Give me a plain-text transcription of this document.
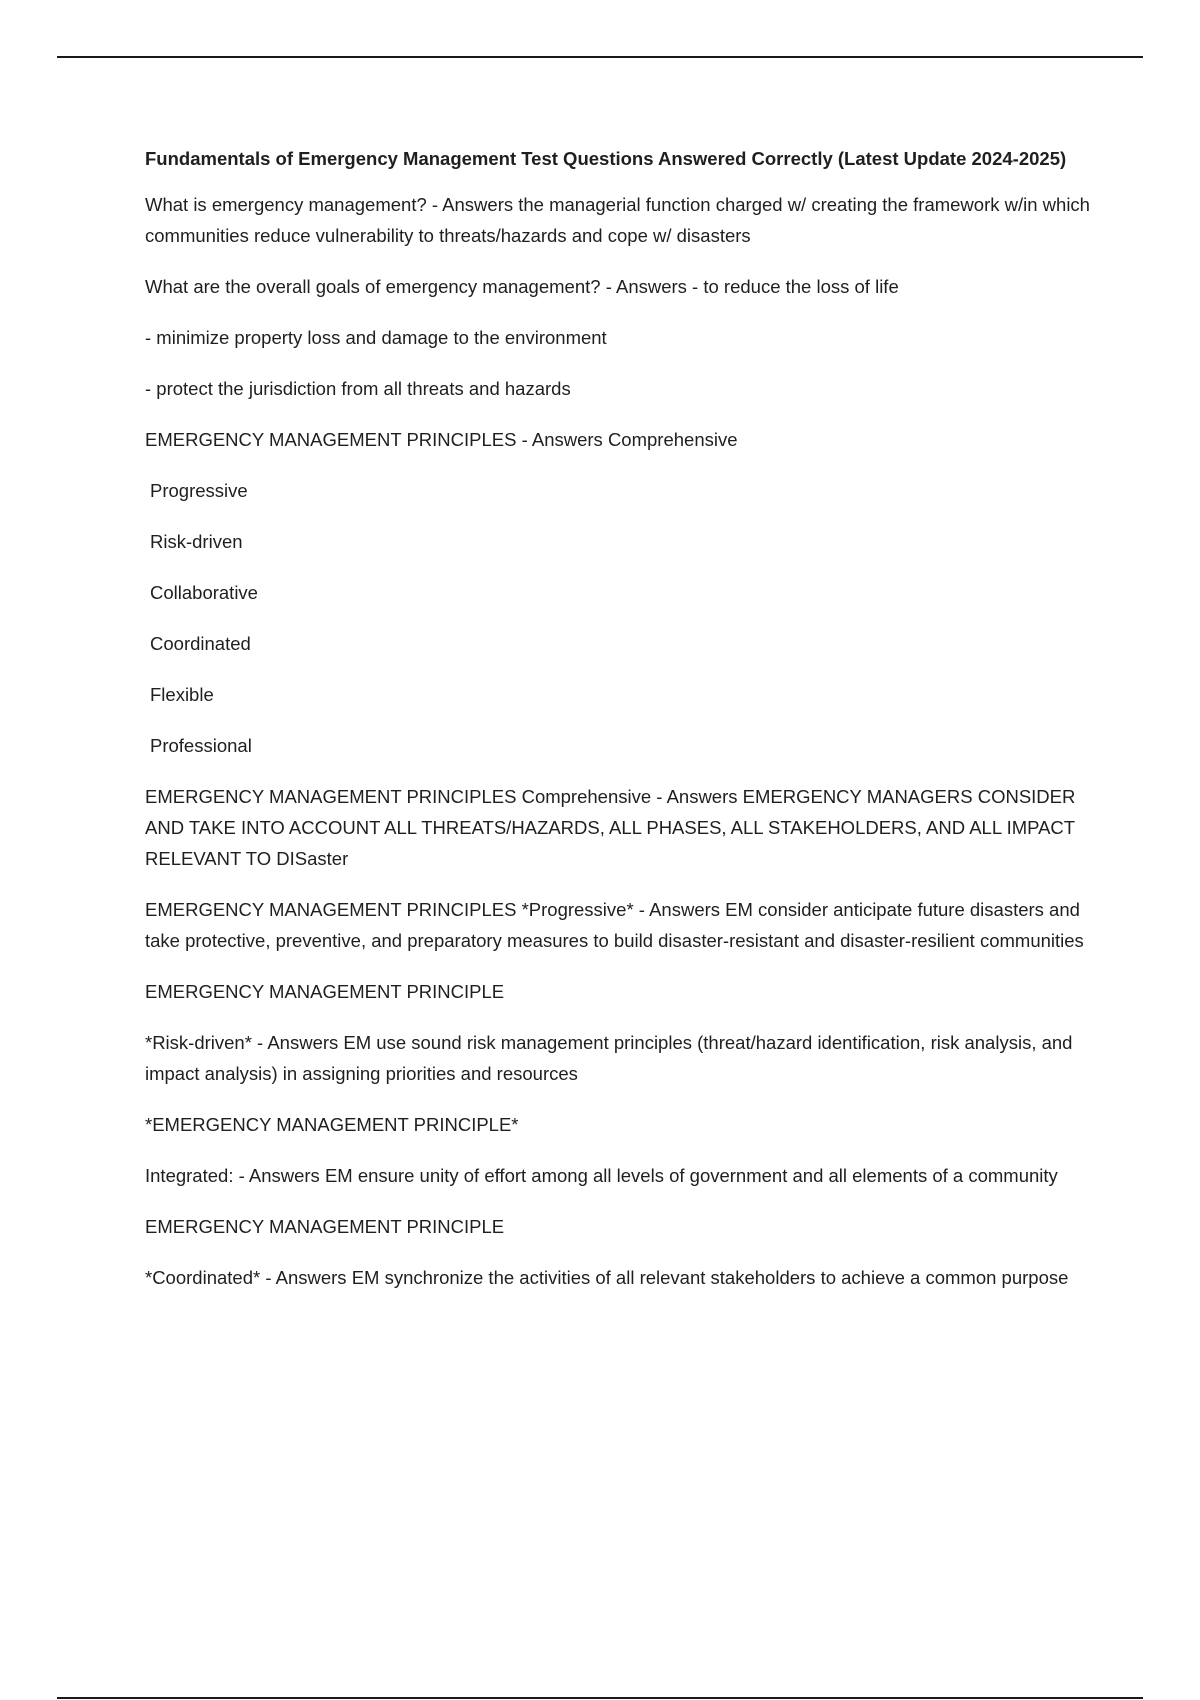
Fundamentals of Emergency Management Test Questions Answered Correctly (Latest Update 2024-2025)
What is emergency management? - Answers the managerial function charged w/ creating the framework w/in which communities reduce vulnerability to threats/hazards and cope w/ disasters
What are the overall goals of emergency management? - Answers - to reduce the loss of life
- minimize property loss and damage to the environment
- protect the jurisdiction from all threats and hazards
EMERGENCY MANAGEMENT PRINCIPLES - Answers Comprehensive
Progressive
Risk-driven
Collaborative
Coordinated
Flexible
Professional
EMERGENCY MANAGEMENT PRINCIPLES Comprehensive - Answers EMERGENCY MANAGERS CONSIDER AND TAKE INTO ACCOUNT ALL THREATS/HAZARDS, ALL PHASES, ALL STAKEHOLDERS, AND ALL IMPACT RELEVANT TO DISaster
EMERGENCY MANAGEMENT PRINCIPLES *Progressive* - Answers EM consider anticipate future disasters and take protective, preventive, and preparatory measures to build disaster-resistant and disaster-resilient communities
EMERGENCY MANAGEMENT PRINCIPLE
*Risk-driven* - Answers EM use sound risk management principles (threat/hazard identification, risk analysis, and impact analysis) in assigning priorities and resources
*EMERGENCY MANAGEMENT PRINCIPLE*
Integrated: - Answers EM ensure unity of effort among all levels of government and all elements of a community
EMERGENCY MANAGEMENT PRINCIPLE
*Coordinated* - Answers EM synchronize the activities of all relevant stakeholders to achieve a common purpose
